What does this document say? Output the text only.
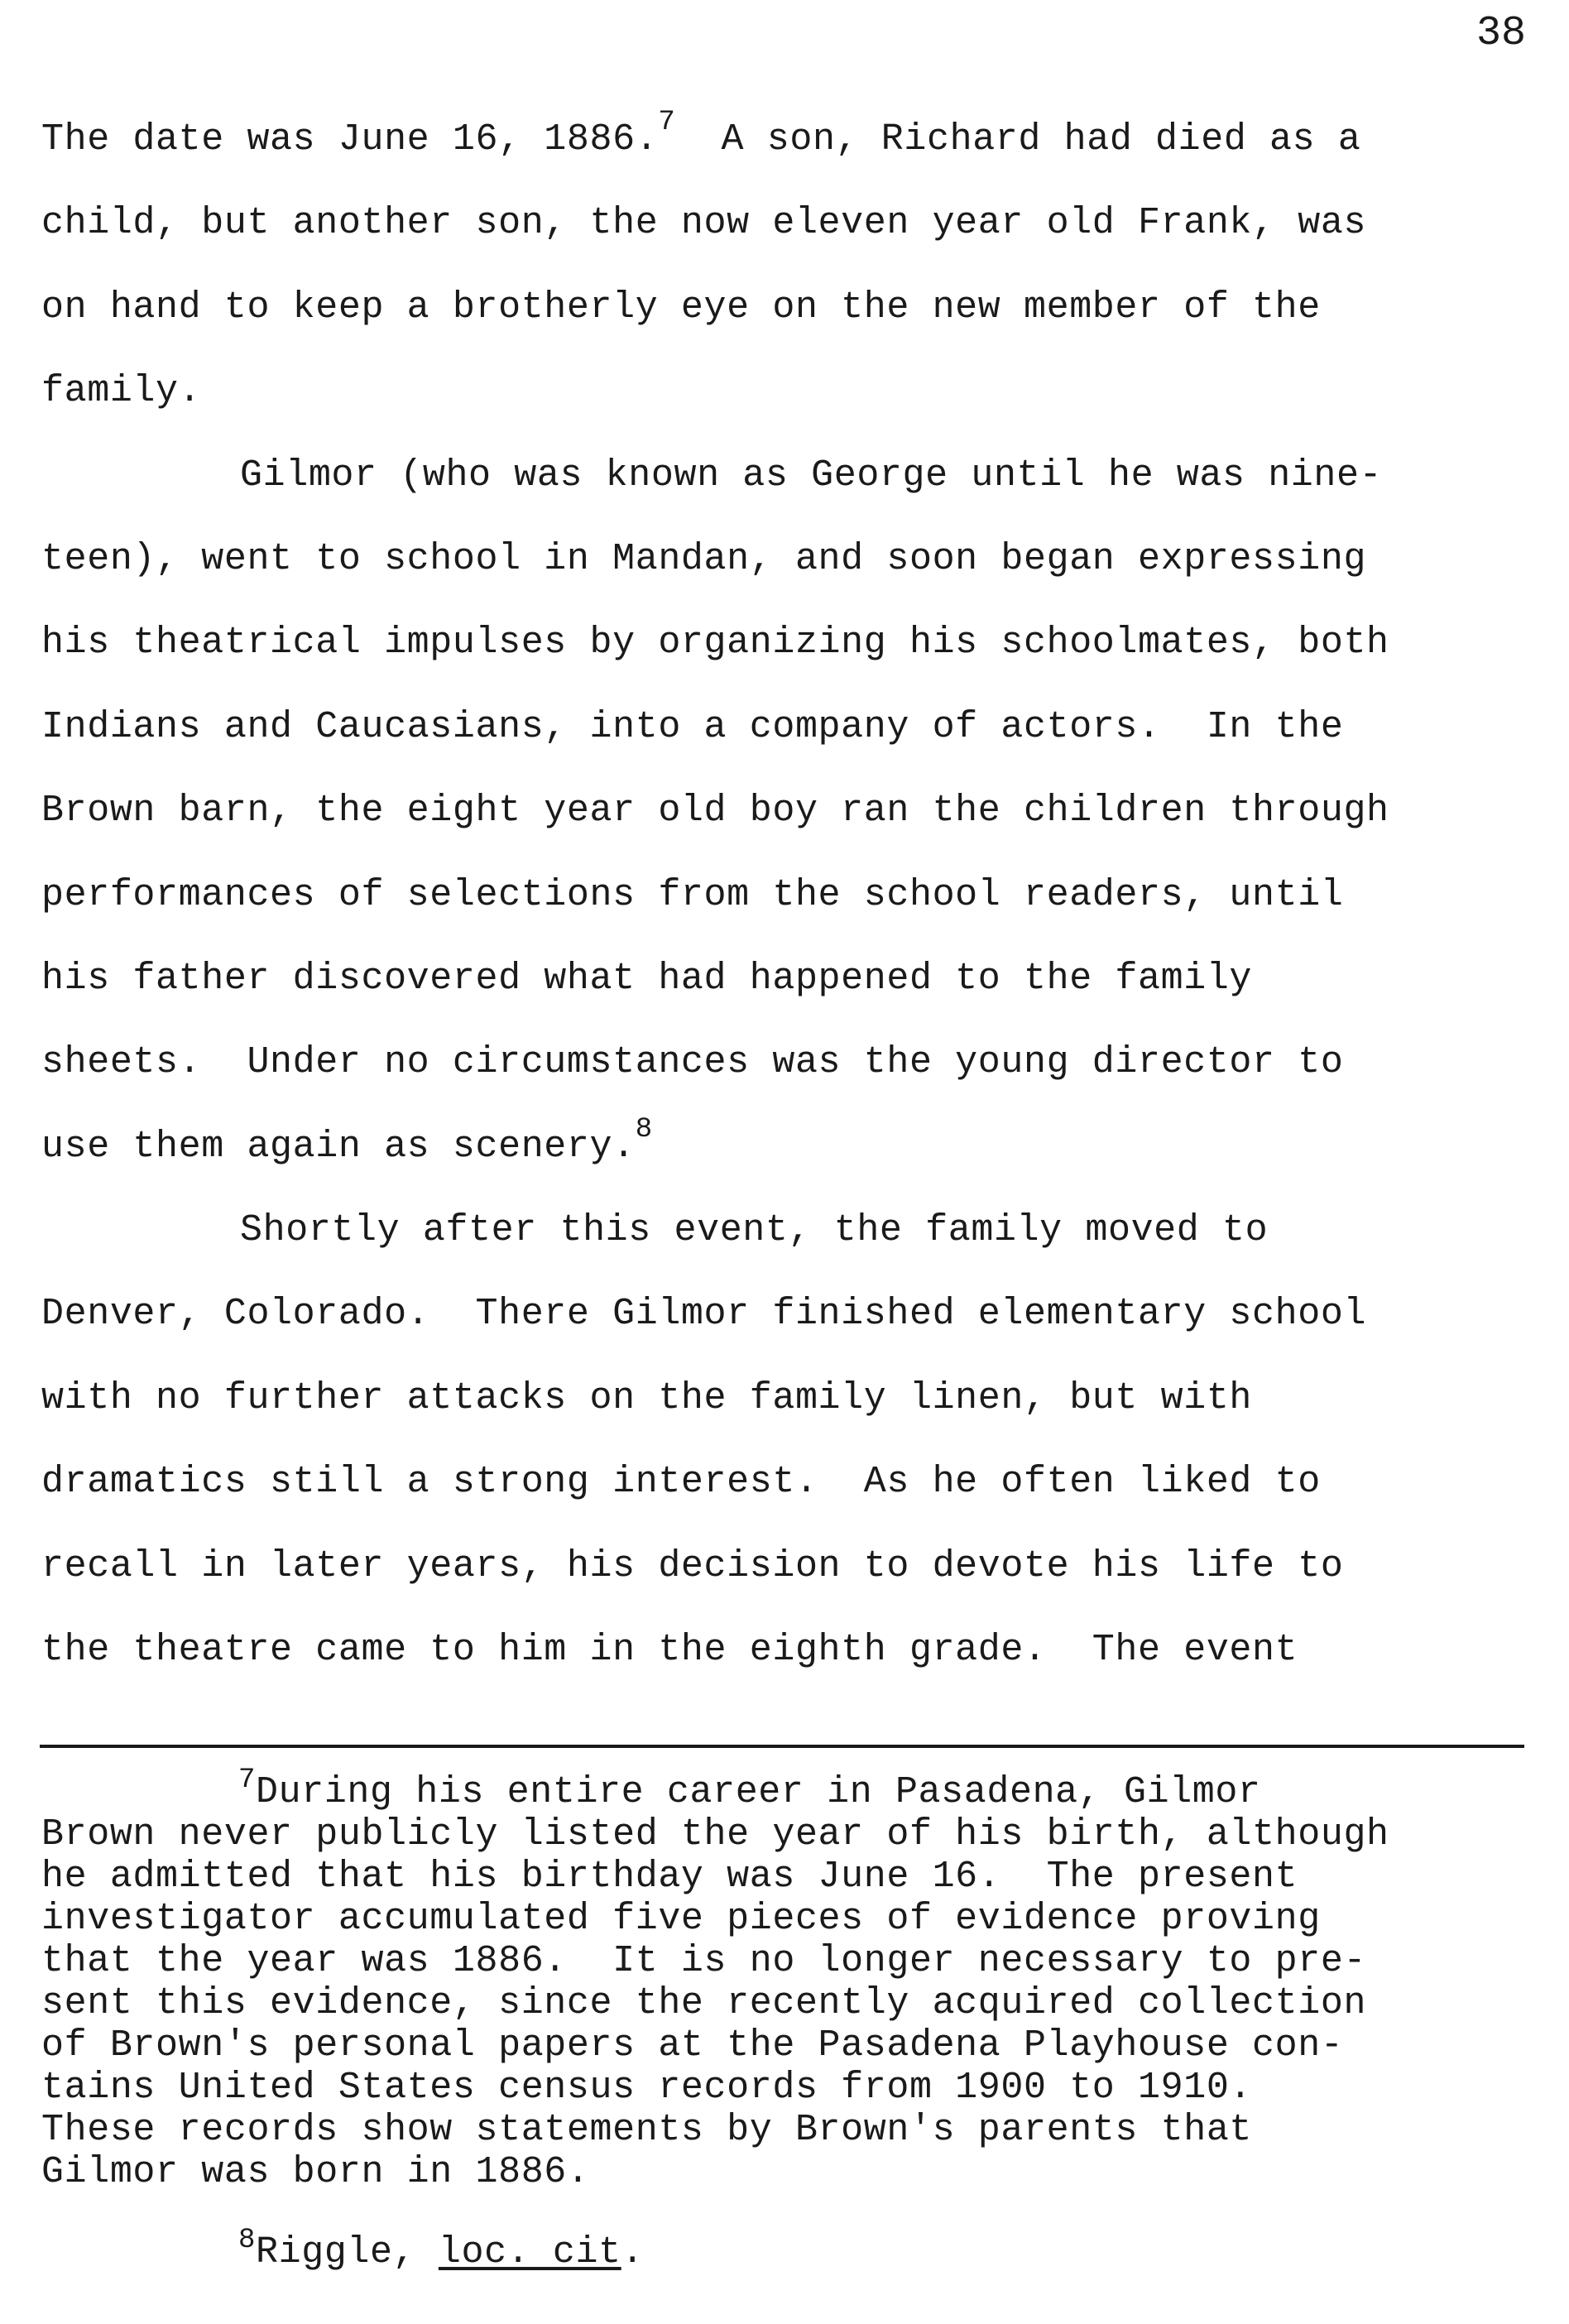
38
The date was June 16, 1886.$^7$  A son, Richard had died as a
child, but another son, the now eleven year old Frank, was
on hand to keep a brotherly eye on the new member of the
family.
Gilmor (who was known as George until he was nine-
teen), went to school in Mandan, and soon began expressing
his theatrical impulses by organizing his schoolmates, both
Indians and Caucasians, into a company of actors.  In the
Brown barn, the eight year old boy ran the children through
performances of selections from the school readers, until
his father discovered what had happened to the family
sheets.  Under no circumstances was the young director to
use them again as scenery.$^8$
Shortly after this event, the family moved to
Denver, Colorado.  There Gilmor finished elementary school
with no further attacks on the family linen, but with
dramatics still a strong interest.  As he often liked to
recall in later years, his decision to devote his life to
the theatre came to him in the eighth grade.  The event
$^7$During his entire career in Pasadena, Gilmor
Brown never publicly listed the year of his birth, although
he admitted that his birthday was June 16.  The present
investigator accumulated five pieces of evidence proving
that the year was 1886.  It is no longer necessary to pre-
sent this evidence, since the recently acquired collection
of Brown's personal papers at the Pasadena Playhouse con-
tains United States census records from 1900 to 1910.
These records show statements by Brown's parents that
Gilmor was born in 1886.
$^8$Riggle, loc. cit.
